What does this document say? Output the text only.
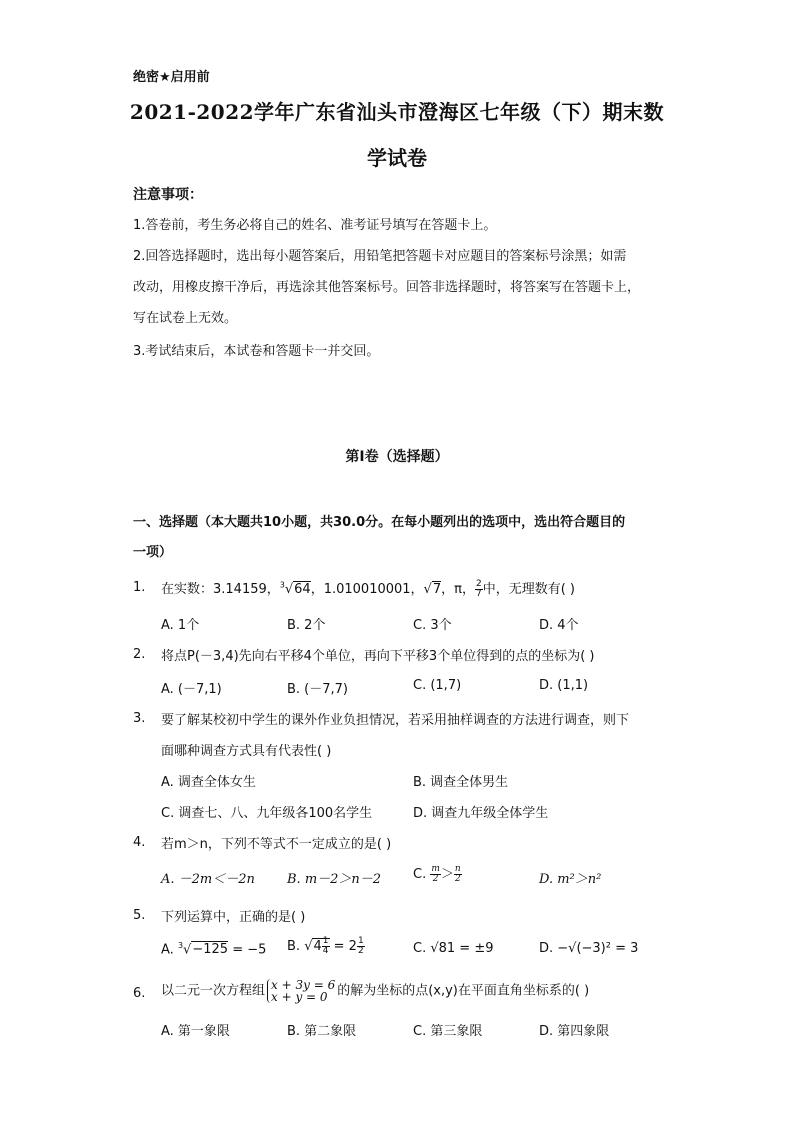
绝密★启用前
2021-2022学年广东省汕头市澄海区七年级（下）期末数
学试卷
注意事项：
1.答卷前，考生务必将自己的姓名、准考证号填写在答题卡上。
2.回答选择题时，选出每小题答案后，用铅笔把答题卡对应题目的答案标号涂黑；如需
改动，用橡皮擦干净后，再选涂其他答案标号。回答非选择题时，将答案写在答题卡上，
写在试卷上无效。
3.考试结束后，本试卷和答题卡一并交回。
第I卷（选择题）
一、选择题（本大题共10小题，共30.0分。在每小题列出的选项中，选出符合题目的
一项）
1. 在实数：3.14159，$^3$√64，1.010010001，√7，π， $\frac{2}{7}$ 中，无理数有( )
A. 1个	B. 2个	C. 3个	D. 4个
2. 将点P(－3,4)先向右平移4个单位，再向下平移3个单位得到的点的坐标为( )
A. (－7,1)	B. (－7,7)	C. (1,7)	D. (1,1)
3. 要了解某校初中学生的课外作业负担情况，若采用抽样调查的方法进行调查，则下
面哪种调查方式具有代表性( )
A. 调查全体女生	B. 调查全体男生
C. 调查七、八、九年级各100名学生	D. 调查九年级全体学生
4. 若m＞n，下列不等式不一定成立的是( )
A. －2m＜－2n B. m－2＞n－2 C. $\frac{m}{2} > \frac{n}{2}$	D. m²＞n²
5. 下列运算中，正确的是( )
A. $^3$√−125 = −5 B. $√4 \frac{1}{4} = 2 \frac{1}{2}$	C. √81 = ±9	D. −√(−3)² = 3
6. 以二元一次方程组 x + 3y = 6
x + y = 0 的解为坐标的点(x,y)在平面直角坐标系的( )
A. 第一象限	B. 第二象限	C. 第三象限	D. 第四象限
